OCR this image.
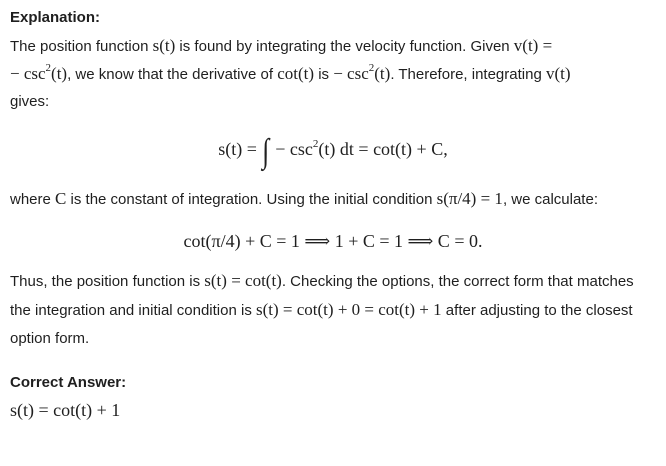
Explanation:

The position function s(t) is found by integrating the velocity function. Given v(t) =
− $\csc^2(t)$, we know that the derivative of cot(t) is − $\csc^2(t)$. Therefore, integrating v(t)
gives:

s(t) = ∫ − $\csc^2(t)$ dt = cot(t) + C,

where C is the constant of integration. Using the initial condition s(π/4) = 1, we calculate:

cot(π/4) + C = 1 ⟹ 1 + C = 1 ⟹ C = 0.

Thus, the position function is s(t) = cot(t). Checking the options, the correct form that matches the integration and initial condition is s(t) = cot(t) + 0 = cot(t) + 1 after adjusting to the closest option form.

Correct Answer:

s(t) = cot(t) + 1
